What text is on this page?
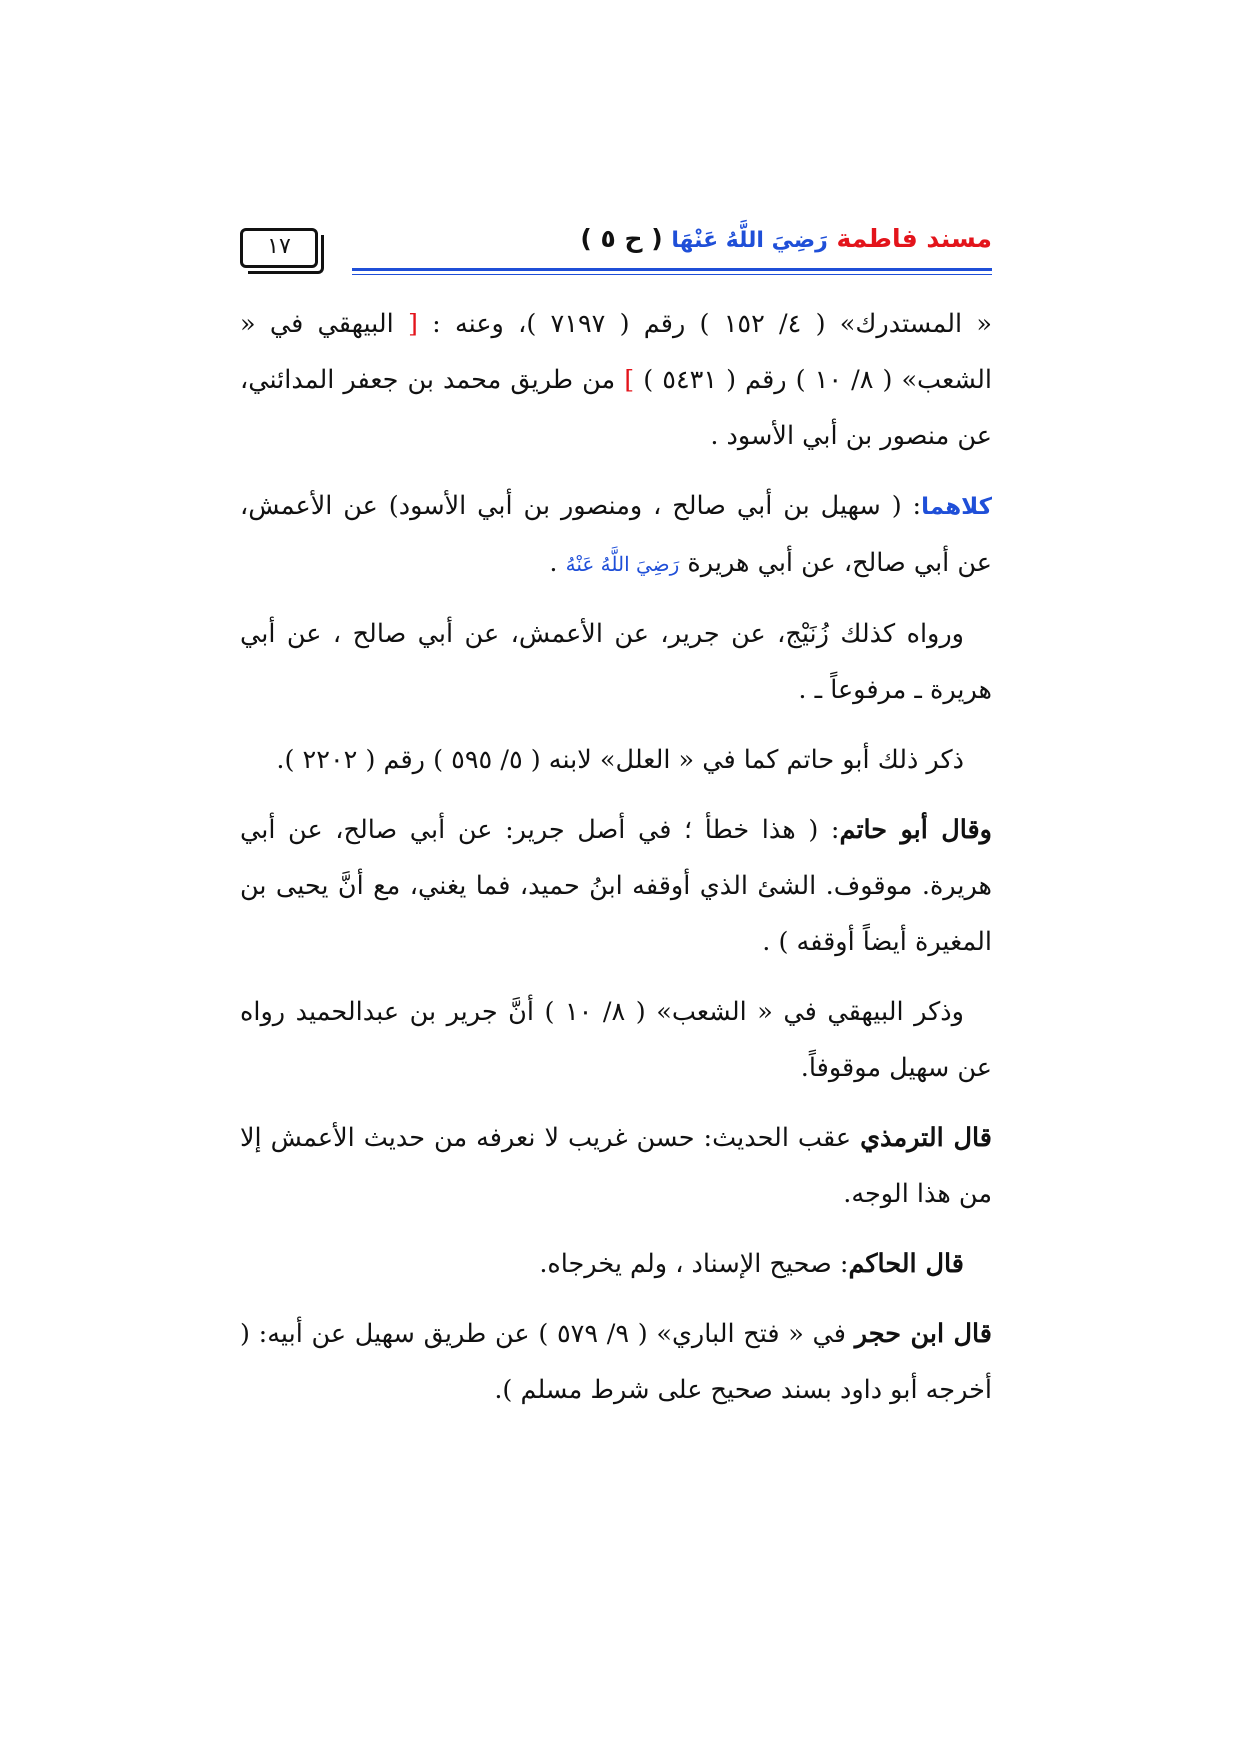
١٧	مسند فاطمة رَضِيَ اللَّهُ عَنْهَا ( ح ٥ )

« المستدرك» ( ٤/ ١٥٢ ) رقم ( ٧١٩٧ )، وعنه : [ البيهقي في « الشعب» ( ٨/ ١٠ ) رقم ( ٥٤٣١ ) ] من طريق محمد بن جعفر المدائني، عن منصور بن أبي الأسود .

كلاهما: ( سهيل بن أبي صالح ، ومنصور بن أبي الأسود) عن الأعمش، عن أبي صالح، عن أبي هريرة رَضِيَ اللَّهُ عَنْهُ .

ورواه كذلك زُنَيْج، عن جرير، عن الأعمش، عن أبي صالح ، عن أبي هريرة ـ مرفوعاً ـ .

ذكر ذلك أبو حاتم كما في « العلل» لابنه ( ٥/ ٥٩٥ ) رقم ( ٢٢٠٢ ).

وقال أبو حاتم: ( هذا خطأ ؛ في أصل جرير: عن أبي صالح، عن أبي هريرة. موقوف. الشئ الذي أوقفه ابنُ حميد، فما يغني، مع أنَّ يحيى بن المغيرة أيضاً أوقفه ) .

وذكر البيهقي في « الشعب» ( ٨/ ١٠ ) أنَّ جرير بن عبدالحميد رواه عن سهيل موقوفاً.

قال الترمذي عقب الحديث: حسن غريب لا نعرفه من حديث الأعمش إلا من هذا الوجه.

قال الحاكم: صحيح الإسناد ، ولم يخرجاه.

قال ابن حجر في « فتح الباري» ( ٩/ ٥٧٩ ) عن طريق سهيل عن أبيه: ( أخرجه أبو داود بسند صحيح على شرط مسلم ).
